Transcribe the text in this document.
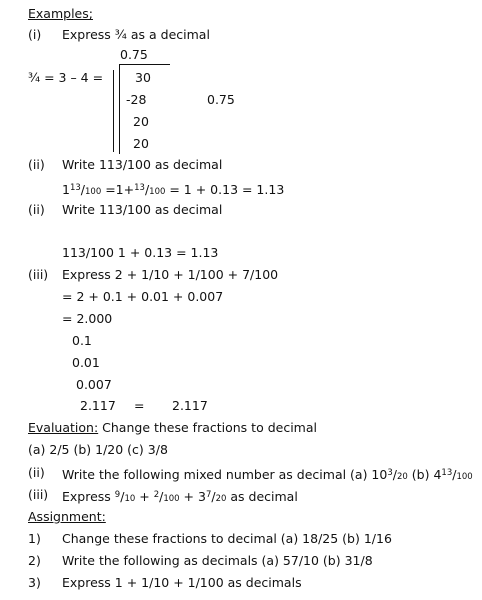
Examples;
(i) Express ¾ as a decimal
0.75
¾ = 3 – 4 =	30
-28	0.75
20
20
(ii) Write 113/100 as decimal
$1^{13}/100 =1+^{13}/100 = 1 + 0.13 = 1.13$
(ii) Write 113/100 as decimal
113/100 1 + 0.13 = 1.13
(iii) Express 2 + 1/10 + 1/100 + 7/100
= 2 + 0.1 + 0.01 + 0.007
= 2.000
0.1
0.01
0.007
2.117 = 2.117
Evaluation: Change these fractions to decimal
(a) 2/5 (b) 1/20 (c) 3/8
(ii) Write the following mixed number as decimal (a) $10^3/20$ (b) $4^{13}/100$
(iii) Express $^9/10 + ^2/100 + 3^7/20$ as decimal
Assignment:
1) Change these fractions to decimal (a) 18/25 (b) 1/16
2) Write the following as decimals (a) 57/10 (b) 31/8
3) Express 1 + 1/10 + 1/100 as decimals
